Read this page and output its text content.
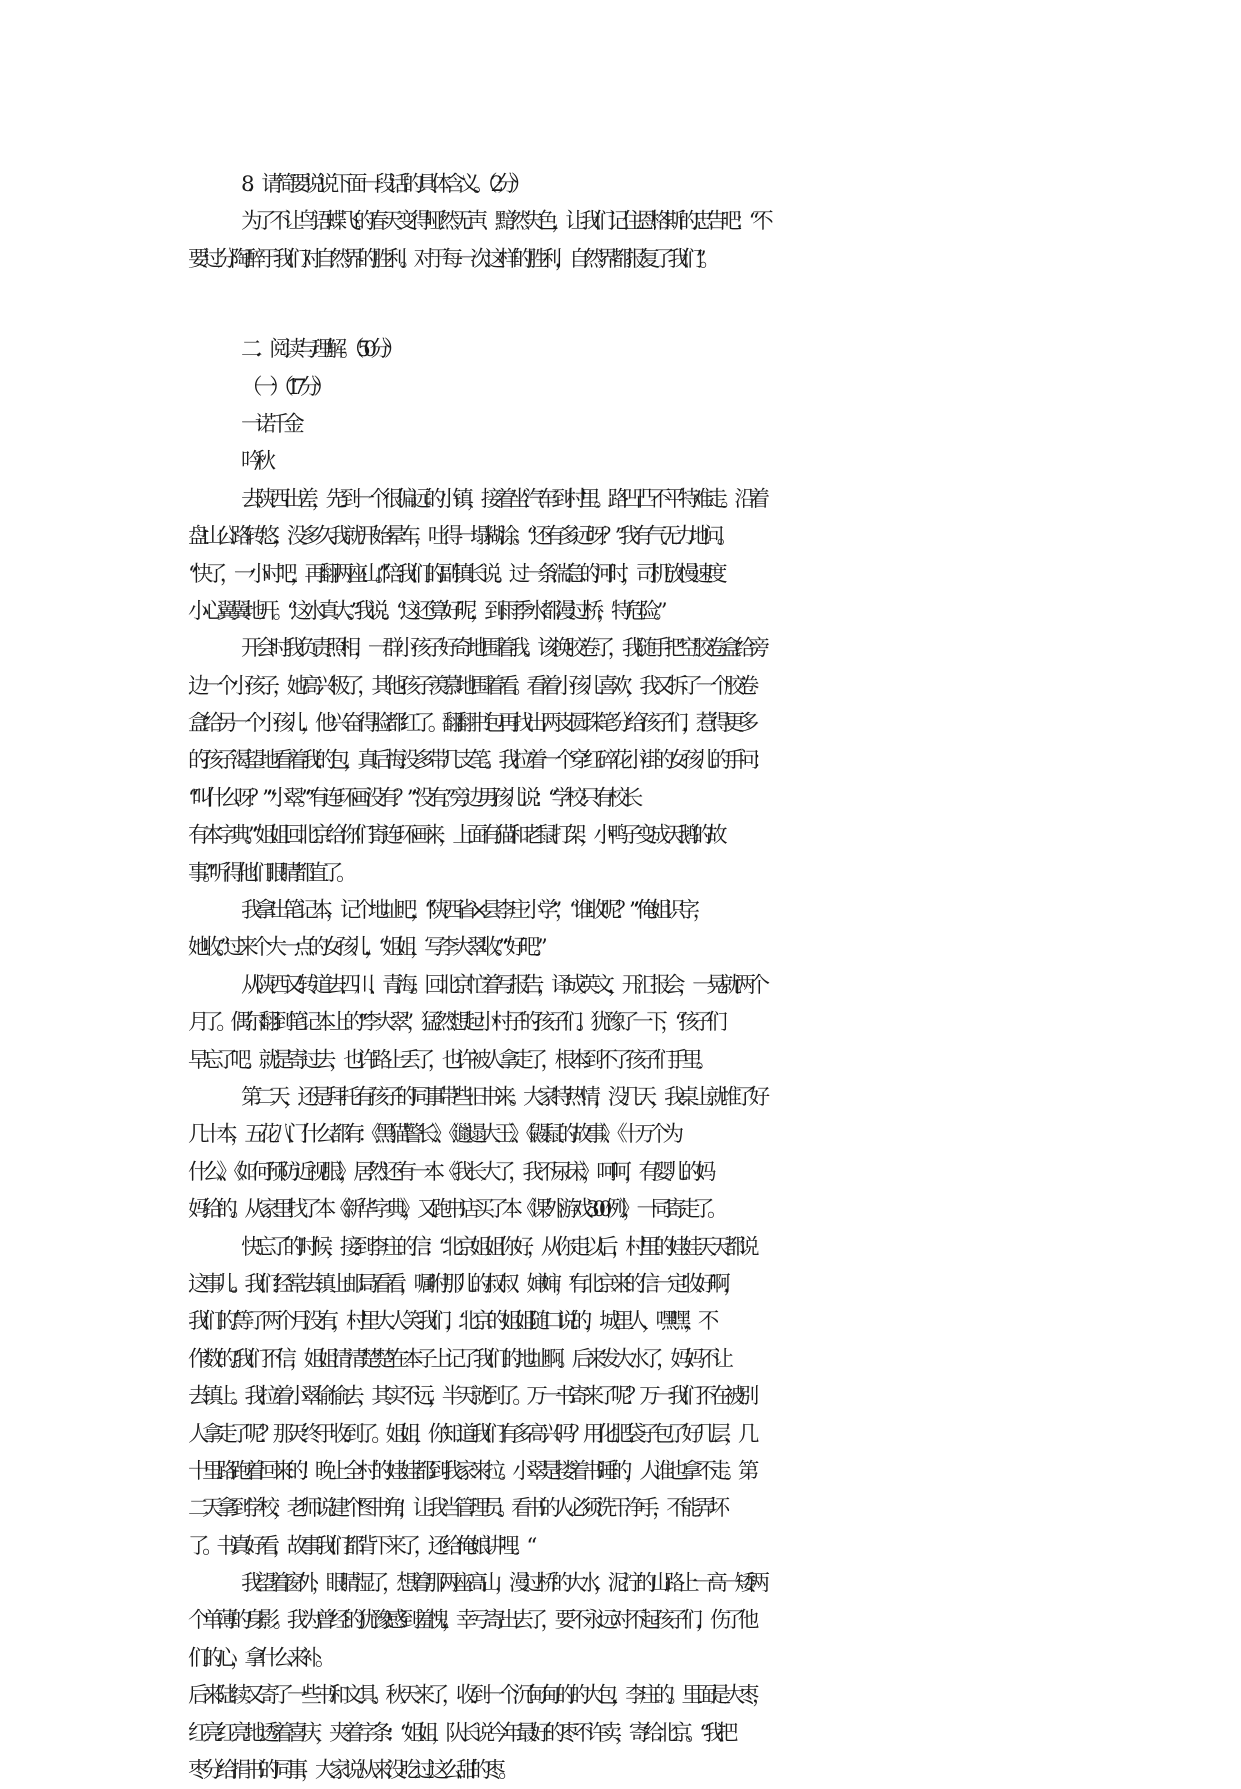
8．请简要说说下面一段话的具体含义。（2分）
为了不让鸟语蝶飞的春天变得哑然无声、黯然失色，让我们记住恩格斯的忠告吧：“不
要过分陶醉于我们对自然界的胜利。对于每一次这样的胜利，自然界都报复了我们”。
二．阅读与理解。（50分）
（一）（17分）
一诺千金
吟 秋
去陕西出差，先到一个很偏远的小镇，接着坐汽车到村里。路凹凸不平特难走。沿着
盘山公路转悠，没多久我就开始晕车，吐得一塌糊涂。“还有多远呀？”我有气无力地问。
“快了，一小时吧，再翻两座山。”陪我们的副镇长说。过一条湍急的河时，司机放慢速度
小心翼翼地开。“这水真大。”我说。“这还算好呢，到雨季水都漫过桥，特危险。”
开会时我负责照相，一群小孩子好奇地围着我。该换胶卷了，我随手把空胶卷盒给旁
边一个小孩子，她高兴极了，其他孩子羡慕地围着看。看着小孩儿喜欢，我又拆了一个胶卷
盒给另一个小孩儿，他兴奋得脸都红了。翻翻书包再找出两支圆珠笔分给孩子们，惹得更多
的孩子渴望地看着我的包，真后悔没多带几支笔。我拉着一个穿红碎花小褂的女孩儿的手问：
“叫什么呀？”“小翠。”“有连环画没有？”“没有。”旁边男孩儿说：“学校只有校长
有本字典。”“姐姐回北京给你们寄连环画来，上面有猫和老鼠打架，小鸭子变成天鹅的故
事。”听得他们眼睛都直了。
我拿出笔记本，记个地址吧，“陕西省×县李庄小学”，“谁收呢？”“俺姐识字，
她收。”过来个大一点的女孩儿，“姐姐，写李大翠收。”“好吧。”
从陕西又转道去四川、青海。回北京忙着写报告，译成英文，开汇报会，一晃就两个
月了。偶尔翻到笔记本上的“李大翠”，猛然想起小村子的孩子们。犹豫了一下，“孩子们
早忘了吧。就是寄过去，也许路上丢了，也许被人拿走了，根本到不了孩子们手里。
第二天，还是拜托有孩子的同事带些旧书来。大家特热情，没几天，我桌上就堆了好
几十本，五花八门什么都有：《黑猫警长》、《邋遢大王》、《鼹鼠的故事》、《十万个为
什么》、《如何预防近视眼》，居然还有一本《我长大了，我不尿床》，呵呵，有婴儿的妈
妈给的。从家里找了本《新华字典》，又跑书店买了本《课外游戏300例》，一同寄走了。
快忘了的时候，接到李庄的信：“北京姐姐你好，从你走以后，村里的娃娃天天都说
这事儿。我们经常去镇上邮局看看，嘱咐那儿的叔叔、婶婶，‘有北京来的信一定收好啊，
我们的。’等了两个月没有，村里大人笑我们，‘北京的姐姐随口说的，城里人，嘿嘿，不
作数的。’我们不信，姐姐清清楚楚在本子上记了我们的地址啊。后来发大水了，妈妈不让
去镇上。我拉着小翠偷偷去，其实不远，半天就到了。万一书寄来了呢？万一我们不在被别
人拿走了呢？那天终于收到了。姐姐，你知道我们有多高兴吗？用化肥袋子包了好几层，几
十里路跑着回来的！晚上全村的娃娃都到我家来拉。小翠是搂着书睡的，人谁也拿不走。第
二天拿到学校，老师说建个‘图书角’，让我当管理员。看书的人必须洗干净手，不能弄坏
了。书真好看，故事我们都背下来了，还给俺娘讲哩。“
我望着窗外，眼睛湿了，想着那两座高山，漫过桥的大水，泥泞的山路上一高一矮两
个单薄的身影。我为曾经的犹豫感到羞愧，幸亏寄出去了，要不永远对不起孩子们，伤了他
们的心，拿什么来补。
后来陆续又寄了一些书和文具。秋天来了，收到一个沉甸甸的的大包，李庄的。里面是大枣，
红亮红亮地透着喜庆，夹着字条：“姐姐，队长说今年最好的枣不许卖，寄给北京。“我把
枣分给捐书的同事，大家说从来没吃过这么甜的枣。
